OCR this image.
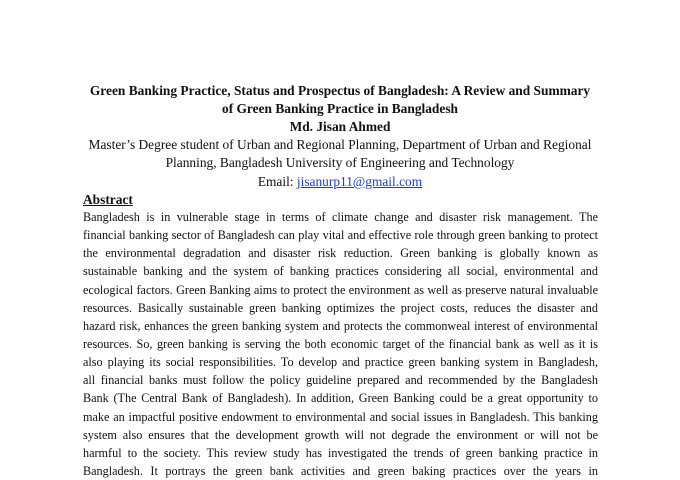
Green Banking Practice, Status and Prospectus of Bangladesh: A Review and Summary
of Green Banking Practice in Bangladesh
Md. Jisan Ahmed
Master’s Degree student of Urban and Regional Planning, Department of Urban and Regional
Planning, Bangladesh University of Engineering and Technology
Email: jisanurp11@gmail.com
Abstract
Bangladesh is in vulnerable stage in terms of climate change and disaster risk management. The
financial banking sector of Bangladesh can play vital and effective role through green banking to protect
the environmental degradation and disaster risk reduction. Green banking is globally known as
sustainable banking and the system of banking practices considering all social, environmental and
ecological factors. Green Banking aims to protect the environment as well as preserve natural invaluable
resources. Basically sustainable green banking optimizes the project costs, reduces the disaster and
hazard risk, enhances the green banking system and protects the commonweal interest of environmental
resources. So, green banking is serving the both economic target of the financial bank as well as it is
also playing its social responsibilities. To develop and practice green banking system in Bangladesh,
all financial banks must follow the policy guideline prepared and recommended by the Bangladesh
Bank (The Central Bank of Bangladesh). In addition, Green Banking could be a great opportunity to
make an impactful positive endowment to environmental and social issues in Bangladesh. This banking
system also ensures that the development growth will not degrade the environment or will not be
harmful to the society. This review study has investigated the trends of green banking practice in
Bangladesh. It portrays the green bank activities and green baking practices over the years in
